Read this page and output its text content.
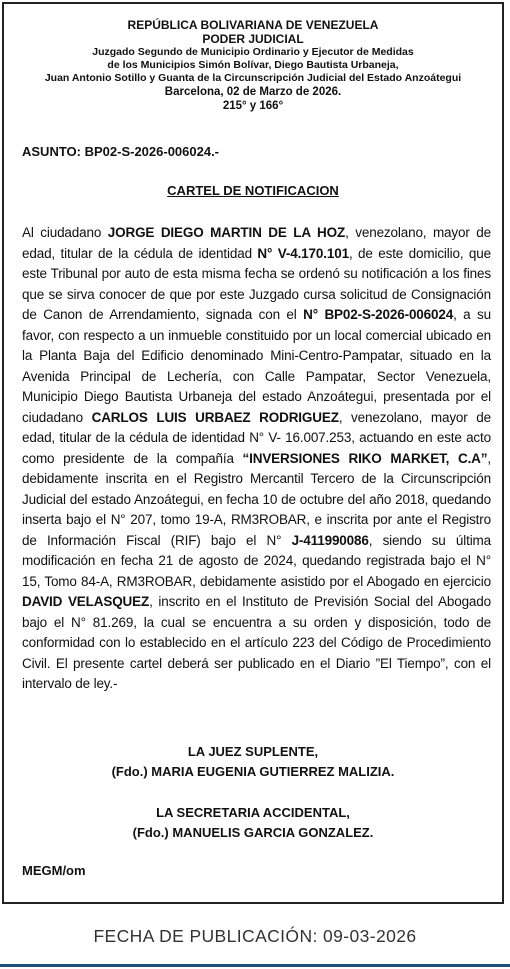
REPÚBLICA BOLIVARIANA DE VENEZUELA
PODER JUDICIAL
Juzgado Segundo de Municipio Ordinario y Ejecutor de Medidas
de los Municipios Simón Bolívar, Diego Bautista Urbaneja,
Juan Antonio Sotillo y Guanta de la Circunscripción Judicial del Estado Anzoátegui
Barcelona, 02 de Marzo de 2026.
215° y 166°
ASUNTO: BP02-S-2026-006024.-
CARTEL DE NOTIFICACION
Al ciudadano JORGE DIEGO MARTIN DE LA HOZ, venezolano, mayor de edad, titular de la cédula de identidad N° V-4.170.101, de este domicilio, que este Tribunal por auto de esta misma fecha se ordenó su notificación a los fines que se sirva conocer de que por este Juzgado cursa solicitud de Consignación de Canon de Arrendamiento, signada con el N° BP02-S-2026-006024, a su favor, con respecto a un inmueble constituido por un local comercial ubicado en la Planta Baja del Edificio denominado Mini-Centro-Pampatar, situado en la Avenida Principal de Lechería, con Calle Pampatar, Sector Venezuela, Municipio Diego Bautista Urbaneja del estado Anzoátegui, presentada por el ciudadano CARLOS LUIS URBAEZ RODRIGUEZ, venezolano, mayor de edad, titular de la cédula de identidad N° V- 16.007.253, actuando en este acto como presidente de la compañía “INVERSIONES RIKO MARKET, C.A”, debidamente inscrita en el Registro Mercantil Tercero de la Circunscripción Judicial del estado Anzoátegui, en fecha 10 de octubre del año 2018, quedando inserta bajo el N° 207, tomo 19-A, RM3ROBAR, e inscrita por ante el Registro de Información Fiscal (RIF) bajo el N° J-411990086, siendo su última modificación en fecha 21 de agosto de 2024, quedando registrada bajo el N° 15, Tomo 84-A, RM3ROBAR, debidamente asistido por el Abogado en ejercicio DAVID VELASQUEZ, inscrito en el Instituto de Previsión Social del Abogado bajo el N° 81.269, la cual se encuentra a su orden y disposición, todo de conformidad con lo establecido en el artículo 223 del Código de Procedimiento Civil. El presente cartel deberá ser publicado en el Diario ”El Tiempo”, con el intervalo de ley.-
LA JUEZ SUPLENTE,
(Fdo.) MARIA EUGENIA GUTIERREZ MALIZIA.
LA SECRETARIA ACCIDENTAL,
(Fdo.) MANUELIS GARCIA GONZALEZ.
MEGM/om
FECHA DE PUBLICACIÓN: 09-03-2026
